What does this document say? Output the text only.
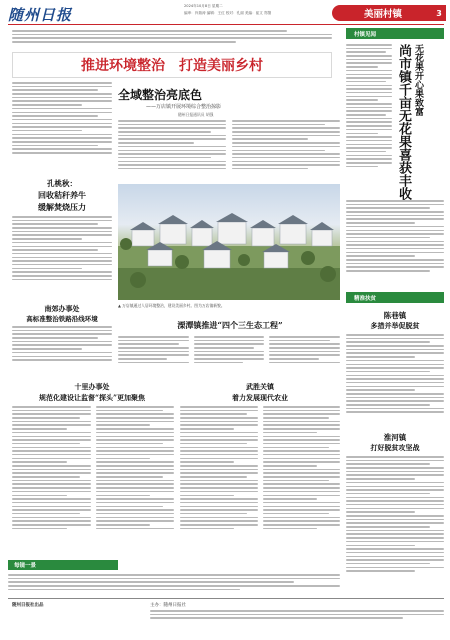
随州日报	2024年10月8日 星期二
编审：肖瑞涛 编辑：王红 校对：孔丽 美编：崔文 郑翎	美丽村镇	3
村镇见闻
无花果开心果致富
尚市镇千亩无花果喜获丰收
推进环境整治　打造美丽乡村
全域整治亮底色
——万店镇开展环境综合整治掠影
随州日报通讯员 胡强
孔桃秋：
回收秸秆养牛
缓解焚烧压力
南郊办事处
高标准整治铁路沿线环境
▲ 万店镇通过人居环境整治，建设美丽乡村。图为万店镇新貌。
溧潭镇推进“四个三生态工程”
十里办事处
规范化建设让监督“探头”更加聚焦
武胜关镇
着力发展现代农业
精准扶贫
陈巷镇
多措并举促脱贫
淮河镇
打好脱贫攻坚战
每镜一景
随州日报社出品	主办：随州日报社
